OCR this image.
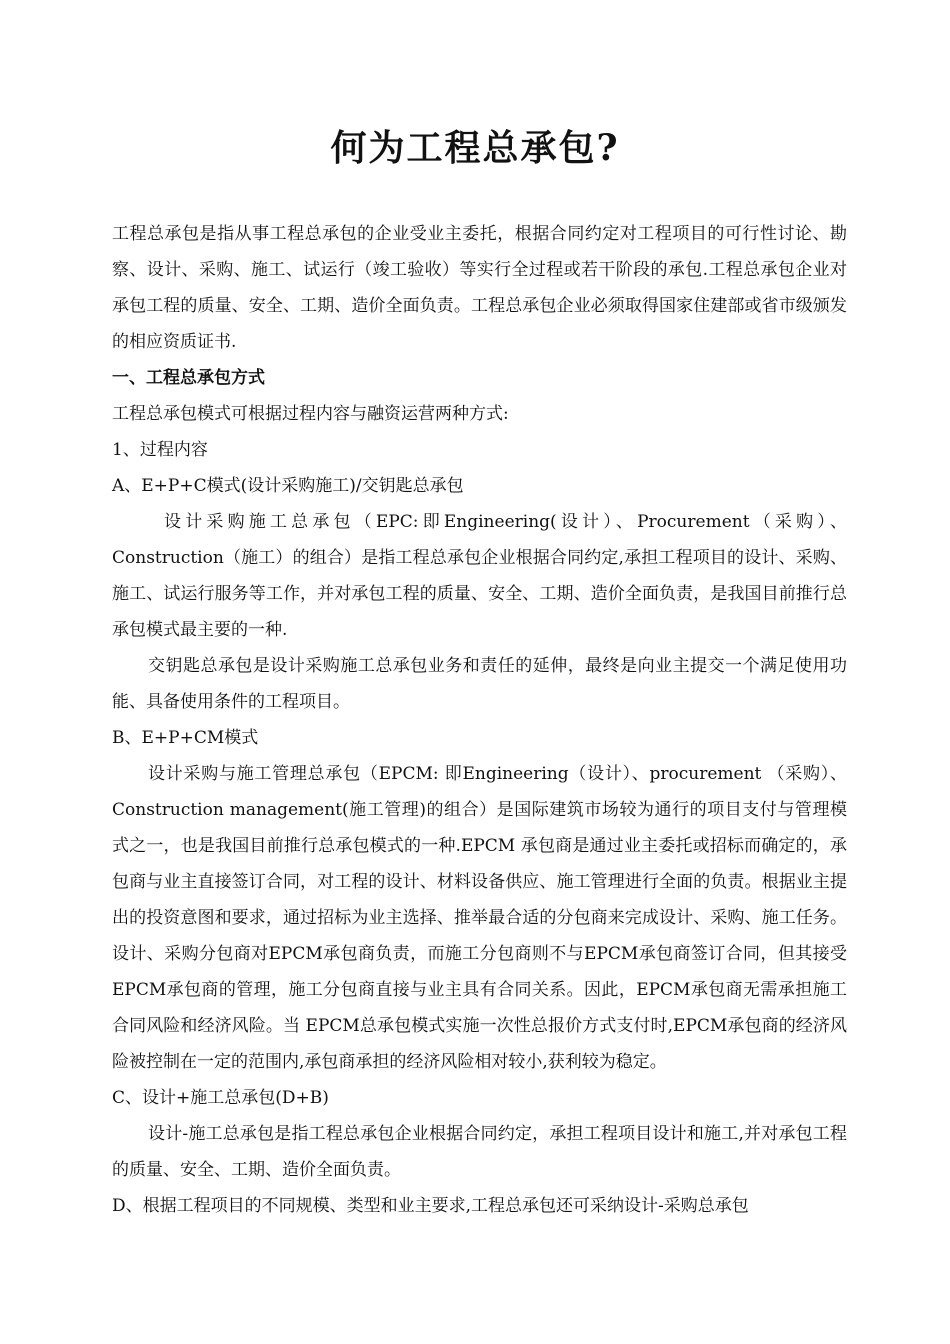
何为工程总承包?

工程总承包是指从事工程总承包的企业受业主委托，根据合同约定对工程项目的可行性讨论、勘察、设计、采购、施工、试运行（竣工验收）等实行全过程或若干阶段的承包.工程总承包企业对承包工程的质量、安全、工期、造价全面负责。工程总承包企业必须取得国家住建部或省市级颁发的相应资质证书.

一、工程总承包方式

工程总承包模式可根据过程内容与融资运营两种方式:

1、过程内容

A、E+P+C模式(设计采购施工)/交钥匙总承包

设计采购施工总承包（EPC:即Engineering(设计）、Procurement（采购）、Construction（施工）的组合）是指工程总承包企业根据合同约定,承担工程项目的设计、采购、施工、试运行服务等工作，并对承包工程的质量、安全、工期、造价全面负责，是我国目前推行总承包模式最主要的一种.

交钥匙总承包是设计采购施工总承包业务和责任的延伸，最终是向业主提交一个满足使用功能、具备使用条件的工程项目。

B、E+P+CM模式

设计采购与施工管理总承包（EPCM: 即Engineering（设计）、procurement （采购）、Construction management(施工管理)的组合）是国际建筑市场较为通行的项目支付与管理模式之一，也是我国目前推行总承包模式的一种.EPCM 承包商是通过业主委托或招标而确定的，承包商与业主直接签订合同，对工程的设计、材料设备供应、施工管理进行全面的负责。根据业主提出的投资意图和要求，通过招标为业主选择、推举最合适的分包商来完成设计、采购、施工任务。设计、采购分包商对EPCM承包商负责，而施工分包商则不与EPCM承包商签订合同，但其接受EPCM承包商的管理，施工分包商直接与业主具有合同关系。因此，EPCM承包商无需承担施工合同风险和经济风险。当 EPCM总承包模式实施一次性总报价方式支付时,EPCM承包商的经济风险被控制在一定的范围内,承包商承担的经济风险相对较小,获利较为稳定。

C、设计+施工总承包(D+B)

设计-施工总承包是指工程总承包企业根据合同约定，承担工程项目设计和施工,并对承包工程的质量、安全、工期、造价全面负责。

D、根据工程项目的不同规模、类型和业主要求,工程总承包还可采纳设计-采购总承包
